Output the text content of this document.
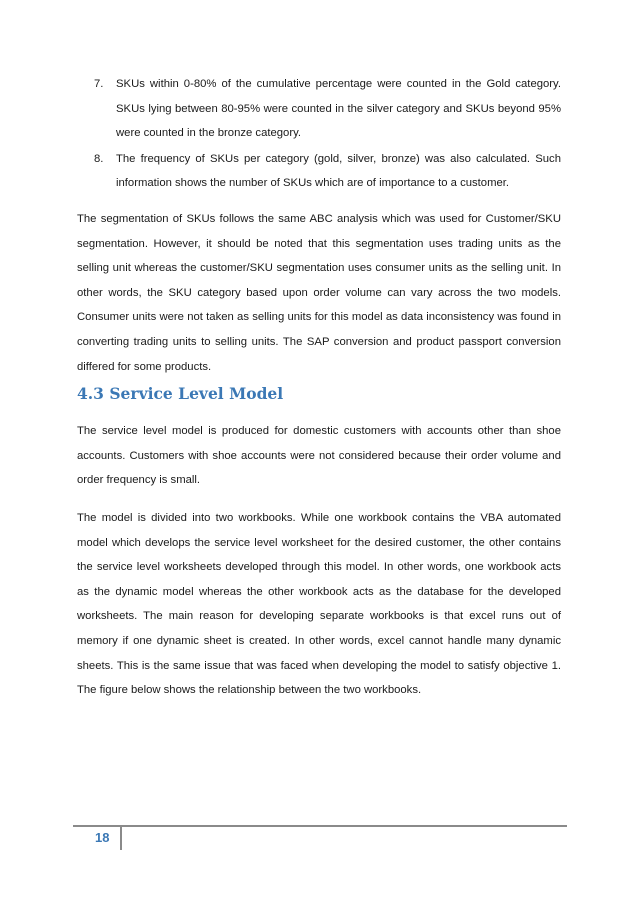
7. SKUs within 0-80% of the cumulative percentage were counted in the Gold category. SKUs lying between 80-95% were counted in the silver category and SKUs beyond 95% were counted in the bronze category.
8. The frequency of SKUs per category (gold, silver, bronze) was also calculated. Such information shows the number of SKUs which are of importance to a customer.

The segmentation of SKUs follows the same ABC analysis which was used for Customer/SKU segmentation. However, it should be noted that this segmentation uses trading units as the selling unit whereas the customer/SKU segmentation uses consumer units as the selling unit. In other words, the SKU category based upon order volume can vary across the two models. Consumer units were not taken as selling units for this model as data inconsistency was found in converting trading units to selling units. The SAP conversion and product passport conversion differed for some products.

4.3 Service Level Model

The service level model is produced for domestic customers with accounts other than shoe accounts. Customers with shoe accounts were not considered because their order volume and order frequency is small.

The model is divided into two workbooks. While one workbook contains the VBA automated model which develops the service level worksheet for the desired customer, the other contains the service level worksheets developed through this model. In other words, one workbook acts as the dynamic model whereas the other workbook acts as the database for the developed worksheets. The main reason for developing separate workbooks is that excel runs out of memory if one dynamic sheet is created. In other words, excel cannot handle many dynamic sheets. This is the same issue that was faced when developing the model to satisfy objective 1. The figure below shows the relationship between the two workbooks.

18
